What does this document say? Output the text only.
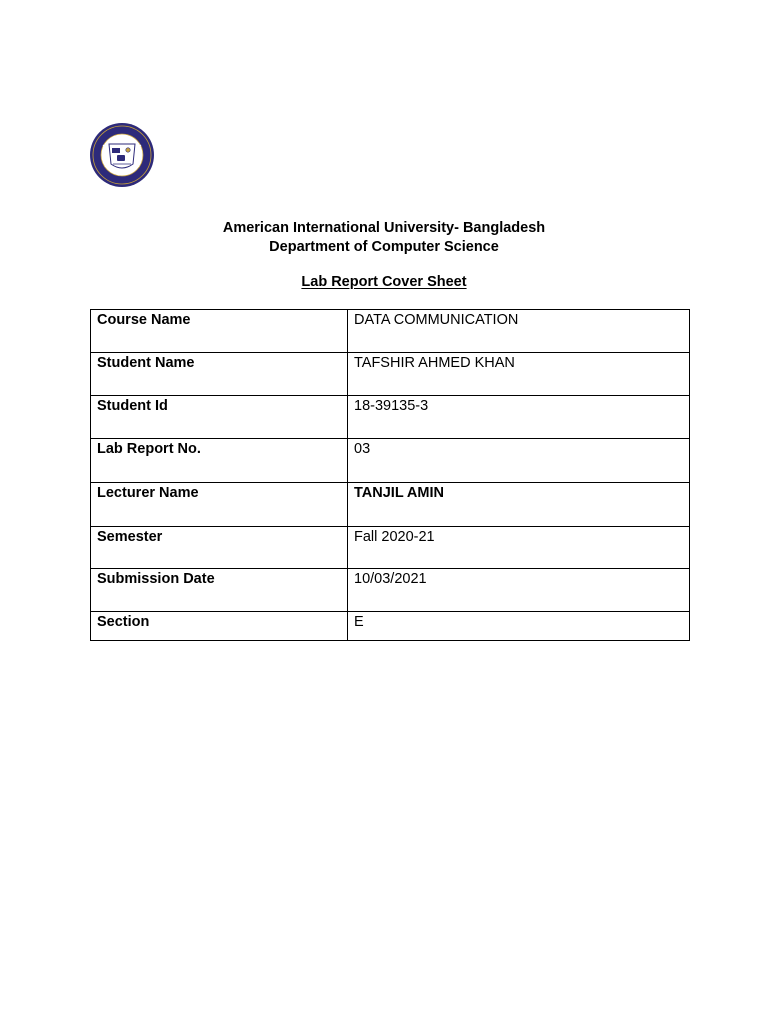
American International University- Bangladesh
Department of Computer Science
Lab Report Cover Sheet
Course Name	DATA COMMUNICATION
Student Name	TAFSHIR AHMED KHAN
Student Id	18-39135-3
Lab Report No.	03
Lecturer Name	TANJIL AMIN
Semester	Fall 2020-21
Submission Date	10/03/2021
Section	E
